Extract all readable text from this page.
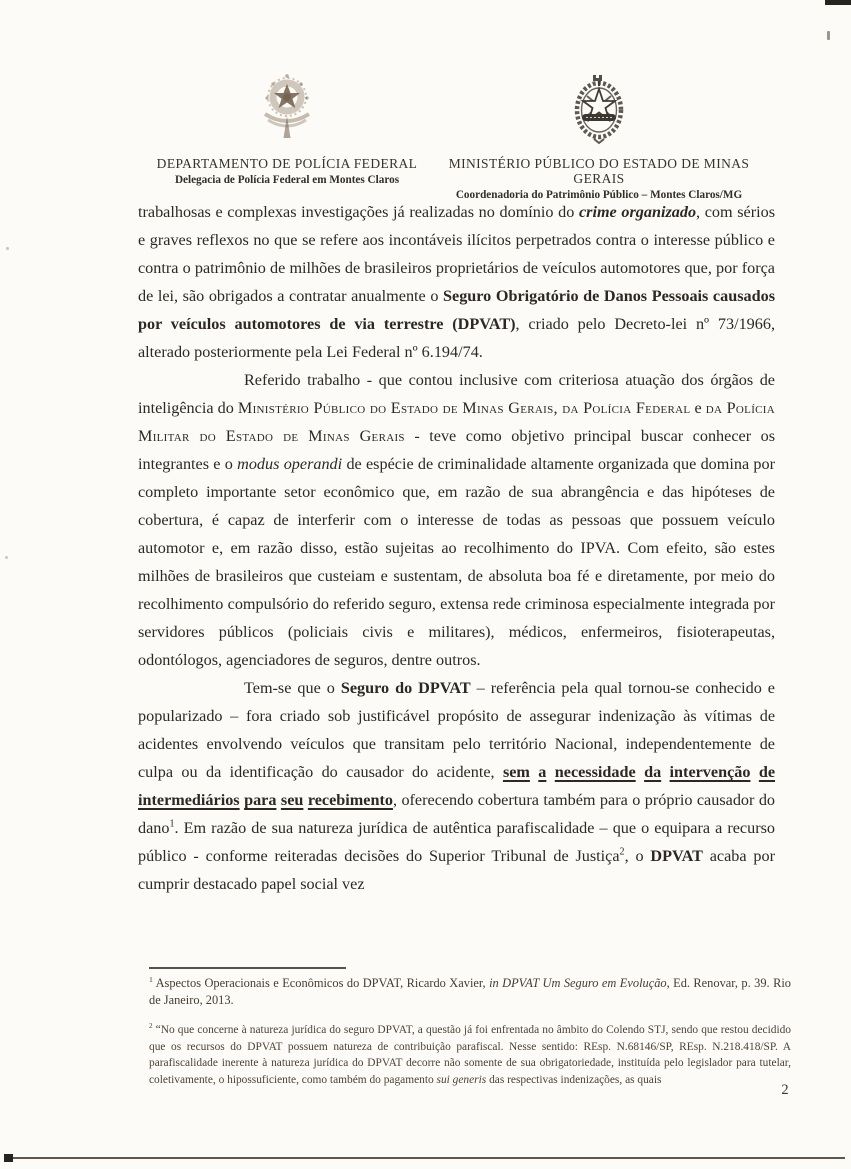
DEPARTAMENTO DE POLÍCIA FEDERAL
Delegacia de Polícia Federal em Montes Claros
MINISTÉRIO PÚBLICO DO ESTADO DE MINAS GERAIS
Coordenadoria do Patrimônio Público – Montes Claros/MG

trabalhosas e complexas investigações já realizadas no domínio do crime organizado, com sérios e graves reflexos no que se refere aos incontáveis ilícitos perpetrados contra o interesse público e contra o patrimônio de milhões de brasileiros proprietários de veículos automotores que, por força de lei, são obrigados a contratar anualmente o Seguro Obrigatório de Danos Pessoais causados por veículos automotores de via terrestre (DPVAT), criado pelo Decreto-lei nº 73/1966, alterado posteriormente pela Lei Federal nº 6.194/74.

Referido trabalho - que contou inclusive com criteriosa atuação dos órgãos de inteligência do Ministério Público do Estado de Minas Gerais, da Polícia Federal e da Polícia Militar do Estado de Minas Gerais - teve como objetivo principal buscar conhecer os integrantes e o modus operandi de espécie de criminalidade altamente organizada que domina por completo importante setor econômico que, em razão de sua abrangência e das hipóteses de cobertura, é capaz de interferir com o interesse de todas as pessoas que possuem veículo automotor e, em razão disso, estão sujeitas ao recolhimento do IPVA. Com efeito, são estes milhões de brasileiros que custeiam e sustentam, de absoluta boa fé e diretamente, por meio do recolhimento compulsório do referido seguro, extensa rede criminosa especialmente integrada por servidores públicos (policiais civis e militares), médicos, enfermeiros, fisioterapeutas, odontólogos, agenciadores de seguros, dentre outros.

Tem-se que o Seguro do DPVAT – referência pela qual tornou-se conhecido e popularizado – fora criado sob justificável propósito de assegurar indenização às vítimas de acidentes envolvendo veículos que transitam pelo território Nacional, independentemente de culpa ou da identificação do causador do acidente, sem a necessidade da intervenção de intermediários para seu recebimento, oferecendo cobertura também para o próprio causador do dano$^1$. Em razão de sua natureza jurídica de autêntica parafiscalidade – que o equipara a recurso público - conforme reiteradas decisões do Superior Tribunal de Justiça$^2$, o DPVAT acaba por cumprir destacado papel social vez

$^1$ Aspectos Operacionais e Econômicos do DPVAT, Ricardo Xavier, in DPVAT Um Seguro em Evolução, Ed. Renovar, p. 39. Rio de Janeiro, 2013.
$^2$ “No que concerne à natureza jurídica do seguro DPVAT, a questão já foi enfrentada no âmbito do Colendo STJ, sendo que restou decidido que os recursos do DPVAT possuem natureza de contribuição parafiscal. Nesse sentido: REsp. N.68146/SP, REsp. N.218.418/SP. A parafiscalidade inerente à natureza jurídica do DPVAT decorre não somente de sua obrigatoriedade, instituída pelo legislador para tutelar, coletivamente, o hipossuficiente, como também do pagamento sui generis das respectivas indenizações, as quais
2
